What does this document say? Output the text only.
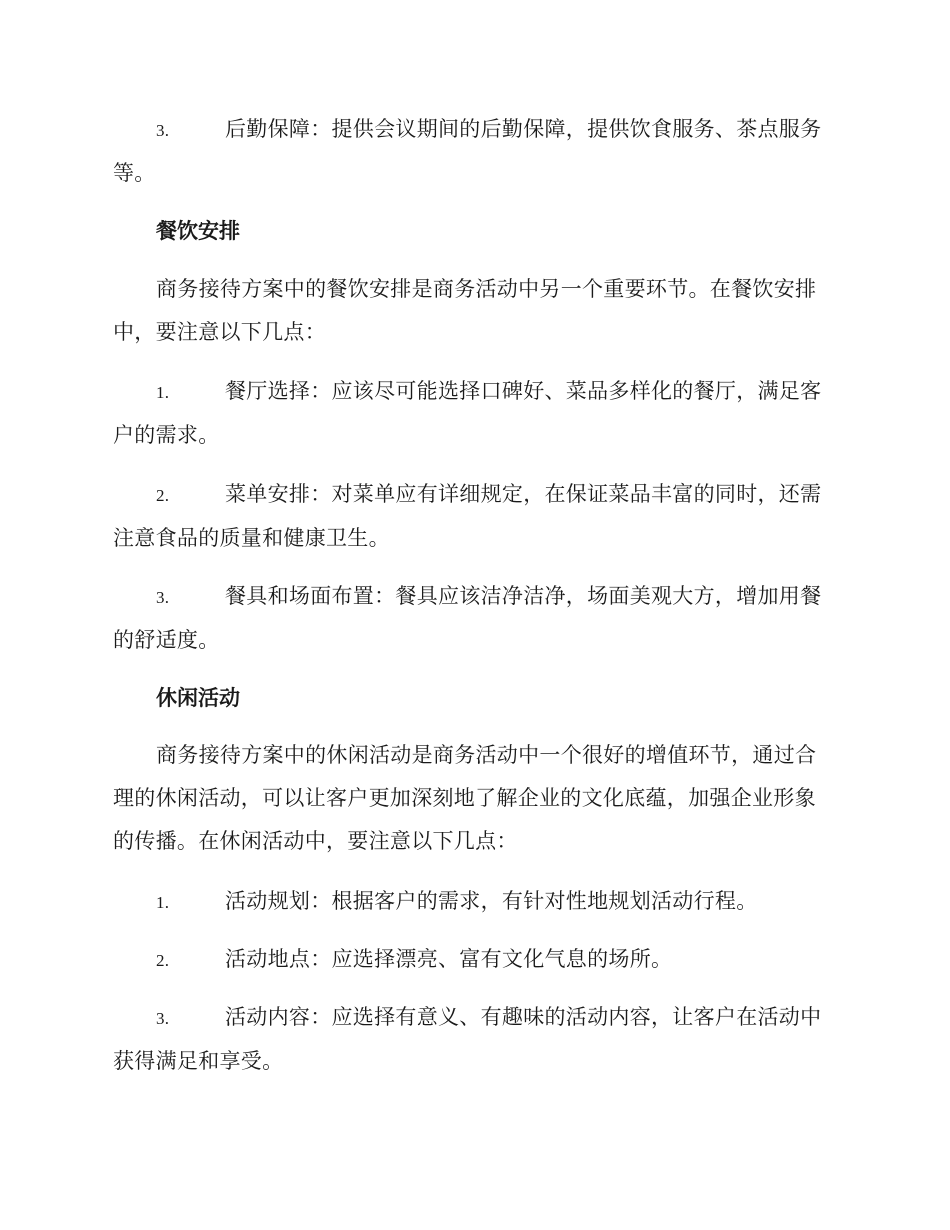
3.	后勤保障：提供会议期间的后勤保障，提供饮食服务、茶点服务等。
餐饮安排
商务接待方案中的餐饮安排是商务活动中另一个重要环节。在餐饮安排中，要注意以下几点：
1.	餐厅选择：应该尽可能选择口碑好、菜品多样化的餐厅，满足客户的需求。
2.	菜单安排：对菜单应有详细规定，在保证菜品丰富的同时，还需注意食品的质量和健康卫生。
3.	餐具和场面布置：餐具应该洁净洁净，场面美观大方，增加用餐的舒适度。
休闲活动
商务接待方案中的休闲活动是商务活动中一个很好的增值环节，通过合理的休闲活动，可以让客户更加深刻地了解企业的文化底蕴，加强企业形象的传播。在休闲活动中，要注意以下几点：
1.	活动规划：根据客户的需求，有针对性地规划活动行程。
2.	活动地点：应选择漂亮、富有文化气息的场所。
3.	活动内容：应选择有意义、有趣味的活动内容，让客户在活动中获得满足和享受。
